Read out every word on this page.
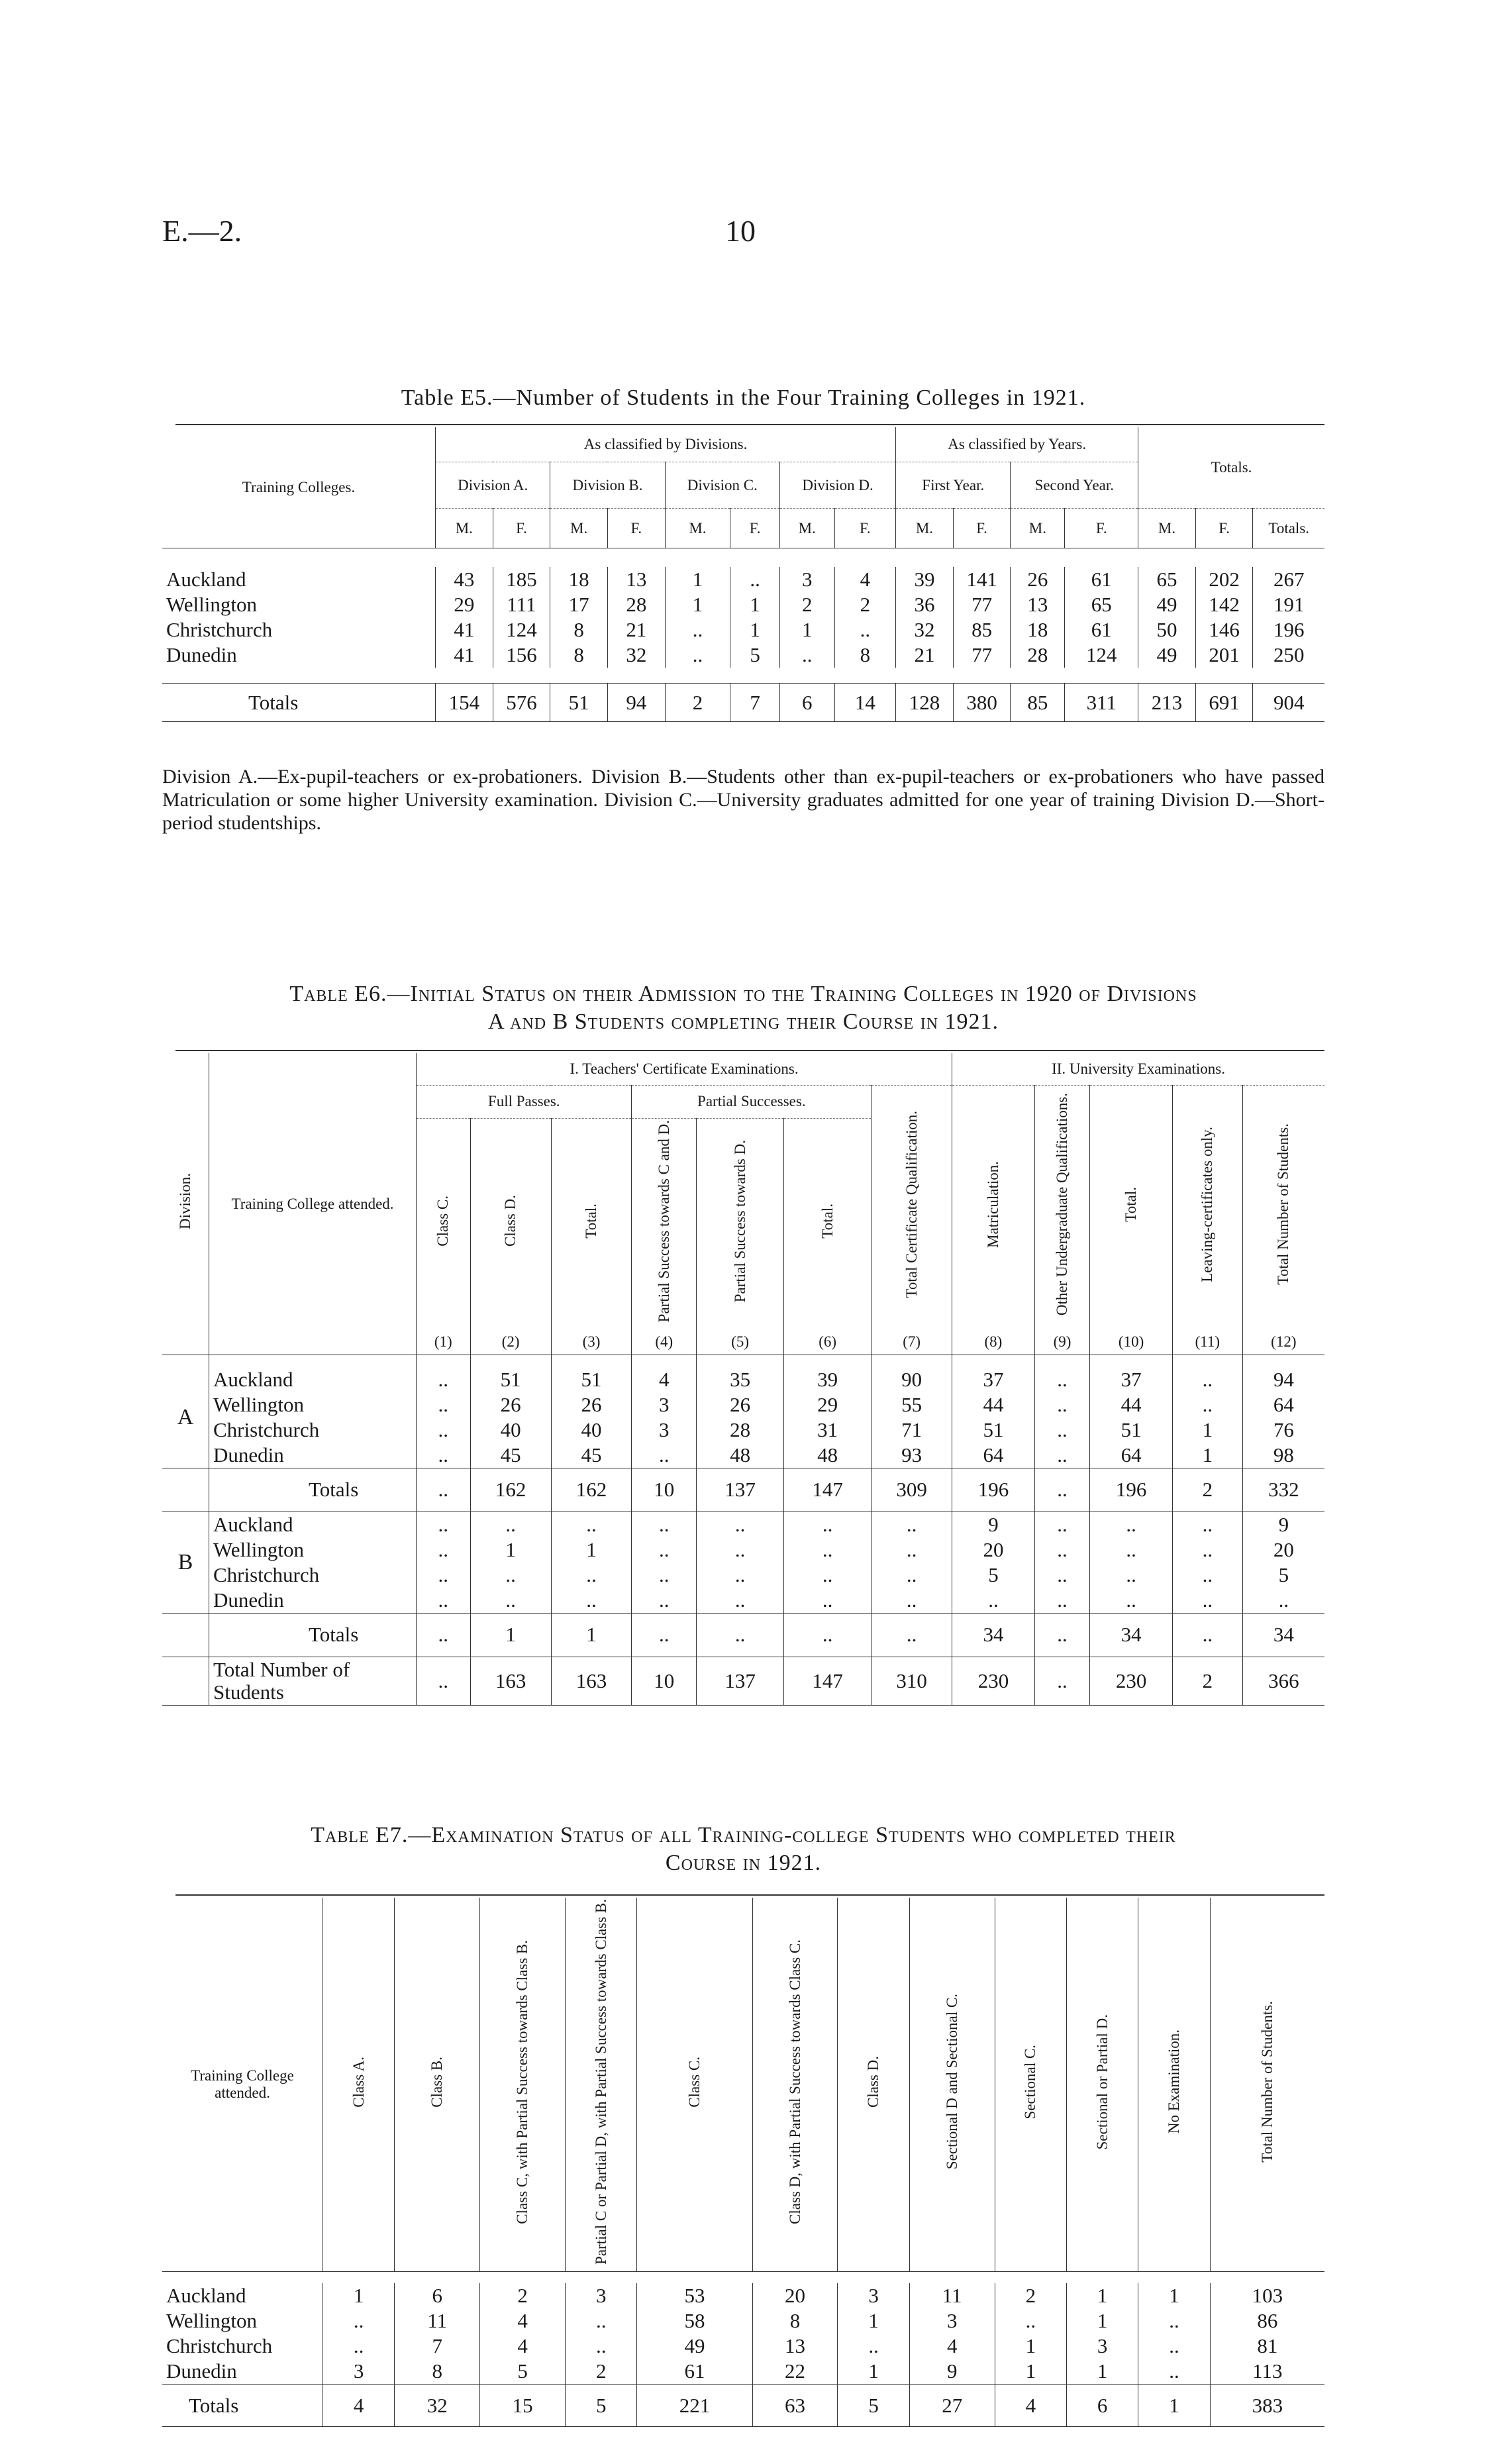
E.—2.	10
Table E5.—Number of Students in the Four Training Colleges in 1921.
Training Colleges.	As classified by Divisions.								As classified by Years.				Totals.		
	Division A.		Division B.		Division C.		Division D.		First Year.		Second Year.				
	M.	F.	M.	F.	M.	F.	M.	F.	M.	F.	M.	F.	M.	F.	Totals.

Auckland	43	185	18	13	1	..	3	4	39	141	26	61	65	202	267
Wellington	29	111	17	28	1	1	2	2	36	77	13	65	49	142	191
Christchurch	41	124	8	21	..	1	1	..	32	85	18	61	50	146	196
Dunedin	41	156	8	32	..	5	..	8	21	77	28	124	49	201	250

Totals	154	576	51	94	2	7	6	14	128	380	85	311	213	691	904
Division A.—Ex-pupil-teachers or ex-probationers. Division B.—Students other than ex-pupil-teachers or ex-probationers who have passed Matriculation or some higher University examination. Division C.—University graduates admitted for one year of training Division D.—Short-period studentships.
Table E6.—Initial Status on their Admission to the Training Colleges in 1920 of Divisions
A and B Students completing their Course in 1921.
Division.	Training College attended.	I. Teachers' Certificate Examinations.							II. University Examinations.				
		Full Passes.			Partial Successes.			Total Certificate Qualification.	Matriculation.	Other Undergraduate Qualifications.	Total.	Leaving-certificates only.	Total Number of Students.
		Class C.	Class D.	Total.	Partial Success towards C and D.	Partial Success towards D.	Total.						
		(1)	(2)	(3)	(4)	(5)	(6)	(7)	(8)	(9)	(10)	(11)	(12)

A	Auckland	..	51	51	4	35	39	90	37	..	37	..	94
	Wellington	..	26	26	3	26	29	55	44	..	44	..	64
	Christchurch	..	40	40	3	28	31	71	51	..	51	1	76
	Dunedin	..	45	45	..	48	48	93	64	..	64	1	98
	Totals	..	162	162	10	137	147	309	196	..	196	2	332
B	Auckland	..	..	..	..	..	..	..	9	..	..	..	9
	Wellington	..	1	1	..	..	..	..	20	..	..	..	20
	Christchurch	..	..	..	..	..	..	..	5	..	..	..	5
	Dunedin	..	..	..	..	..	..	..	..	..	..	..	..
	Totals	..	1	1	..	..	..	..	34	..	34	..	34
	Total Number of Students	..	163	163	10	137	147	310	230	..	230	2	366
Table E7.—Examination Status of all Training-college Students who completed their
Course in 1921.
Training College attended.	Class A.	Class B.	Class C, with Partial Success towards Class B.	Partial C or Partial D, with Partial Success towards Class B.	Class C.	Class D, with Partial Success towards Class C.	Class D.	Sectional D and Sectional C.	Sectional C.	Sectional or Partial D.	No Examination.	Total Number of Students.

Auckland	1	6	2	3	53	20	3	11	2	1	1	103
Wellington	..	11	4	..	58	8	1	3	..	1	..	86
Christchurch	..	7	4	..	49	13	..	4	1	3	..	81
Dunedin	3	8	5	2	61	22	1	9	1	1	..	113
Totals	4	32	15	5	221	63	5	27	4	6	1	383
